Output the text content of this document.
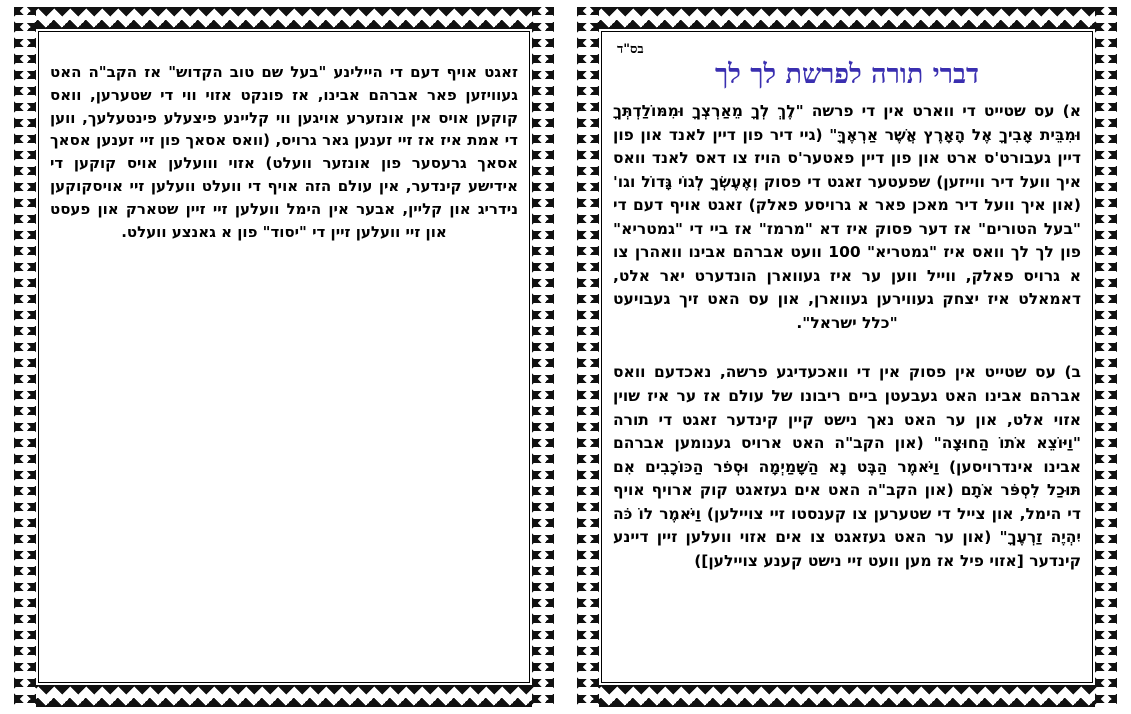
זאגט אויף דעם די היילינע "בעל שם טוב הקדוש" אז הקב"ה האט געוויזען פאר אברהם אבינו, אז פונקט אזוי ווי די שטערען, וואס קוקען אויס אין אונזערע אויגען ווי קליינע פיצעלע פינטעלעך, ווען די אמת איז אז זיי זענען גאר גרויס, (וואס אסאך פון זיי זענען אסאך אסאך גרעסער פון אונזער וועלט) אזוי ווועלען אויס קוקען די אידישע קינדער, אין עולם הזה אויף די וועלט וועלען זיי אויסקוקען נידריג און קליין, אבער אין הימל וועלען זיי זיין שטארק און פעסט און זיי וועלען זיין די "יסוד" פון א גאנצע וועלט.

בס"ד
דברי תורה לפרשת לך לך

א) עס שטייט די ווארט אין די פרשה "לֶךְ לְךָ מֵאַרְצְךָ וּמִמּוֹלַדְתְּךָ וּמִבֵּית אָבִיךָ אֶל הָאָרֶץ אֲשֶׁר אַרְאֶךָּ" (גיי דיר פון דיין לאנד און פון דיין געבורט'ס ארט און פון דיין פאטער'ס הויז צו דאס לאנד וואס איך וועל דיר ווייזען) שפעטער זאגט די פסוק וְאֶעֶשְׂךָ לְגוֹי גָּדוֹל וגו' (און איך וועל דיר מאכן פאר א גרויסע פאלק) זאגט אויף דעם די "בעל הטורים" אז דער פסוק איז דא "מרמז" אז ביי די "גמטריא" פון לך לך וואס איז "גמטריא" 100 וועט אברהם אבינו וואהרן צו א גרויס פאלק, ווייל ווען ער איז געווארן הונדערט יאר אלט, דאמאלט איז יצחק געווירען געווארן, און עס האט זיך געבויעט "כלל ישראל".

ב) עס שטייט אין פסוק אין די וואכעדיגע פרשה, נאכדעם וואס אברהם אבינו האט געבעטן ביים ריבונו של עולם אז ער איז שוין אזוי אלט, און ער האט נאך נישט קיין קינדער זאגט די תורה "וַיּוֹצֵא אֹתוֹ הַחוּצָה" (און הקב"ה האט ארויס גענומען אברהם אבינו אינדרויסען) וַיֹּאמֶר הַבֶּט נָא הַשָּׁמַיְמָה וּסְפֹר הַכּוֹכָבִים אִם תּוּכַל לִסְפֹּר אֹתָם (און הקב"ה האט אים געזאגט קוק ארויף אויף די הימל, און צייל די שטערען צו קענסטו זיי צויילען) וַיֹּאמֶר לוֹ כֹּה יִהְיֶה זַרְעֶךָ" (און ער האט געזאגט צו אים אזוי וועלען זיין דיינע קינדער [אזוי פיל אז מען וועט זיי נישט קענע צויילען])
